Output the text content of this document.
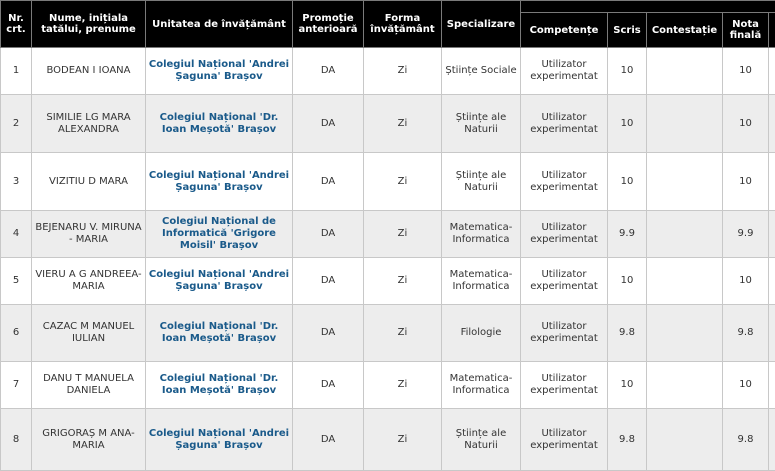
Nr. crt.	Nume, inițiala tatălui, prenume	Unitatea de învățământ	Promoție anterioară	Forma învățământ	Specializare					
						Competențe	Scris	Contestație	Nota finală	
1	BODEAN I IOANA	Colegiul Național 'Andrei Șaguna' Brașov	DA	Zi	Științe Sociale	Utilizator experimentat	10		10	
2	SIMILIE LG MARA ALEXANDRA	Colegiul Național 'Dr. Ioan Meșotă' Brașov	DA	Zi	Științe ale Naturii	Utilizator experimentat	10		10	
3	VIZITIU D MARA	Colegiul Național 'Andrei Șaguna' Brașov	DA	Zi	Științe ale Naturii	Utilizator experimentat	10		10	
4	BEJENARU V. MIRUNA - MARIA	Colegiul Național de Informatică 'Grigore Moisil' Brașov	DA	Zi	Matematica-Informatica	Utilizator experimentat	9.9		9.9	
5	VIERU A G ANDREEA-MARIA	Colegiul Național 'Andrei Șaguna' Brașov	DA	Zi	Matematica-Informatica	Utilizator experimentat	10		10	
6	CAZAC M MANUEL IULIAN	Colegiul Național 'Dr. Ioan Meșotă' Brașov	DA	Zi	Filologie	Utilizator experimentat	9.8		9.8	
7	DANU T MANUELA DANIELA	Colegiul Național 'Dr. Ioan Meșotă' Brașov	DA	Zi	Matematica-Informatica	Utilizator experimentat	10		10	
8	GRIGORAȘ M ANA-MARIA	Colegiul Național 'Andrei Șaguna' Brașov	DA	Zi	Științe ale Naturii	Utilizator experimentat	9.8		9.8	
